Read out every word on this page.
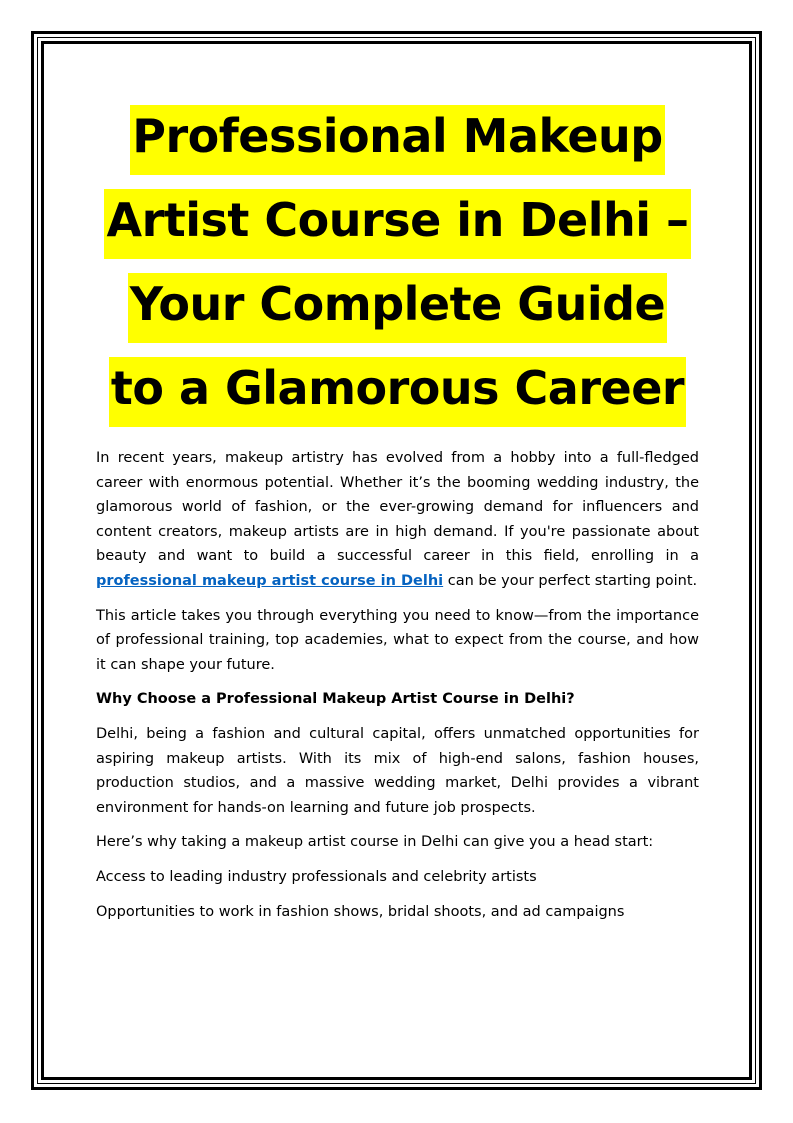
Professional Makeup Artist Course in Delhi – Your Complete Guide to a Glamorous Career

In recent years, makeup artistry has evolved from a hobby into a full-fledged career with enormous potential. Whether it’s the booming wedding industry, the glamorous world of fashion, or the ever-growing demand for influencers and content creators, makeup artists are in high demand. If you're passionate about beauty and want to build a successful career in this field, enrolling in a professional makeup artist course in Delhi can be your perfect starting point.

This article takes you through everything you need to know—from the importance of professional training, top academies, what to expect from the course, and how it can shape your future.

Why Choose a Professional Makeup Artist Course in Delhi?

Delhi, being a fashion and cultural capital, offers unmatched opportunities for aspiring makeup artists. With its mix of high-end salons, fashion houses, production studios, and a massive wedding market, Delhi provides a vibrant environment for hands-on learning and future job prospects.

Here’s why taking a makeup artist course in Delhi can give you a head start:

Access to leading industry professionals and celebrity artists

Opportunities to work in fashion shows, bridal shoots, and ad campaigns
